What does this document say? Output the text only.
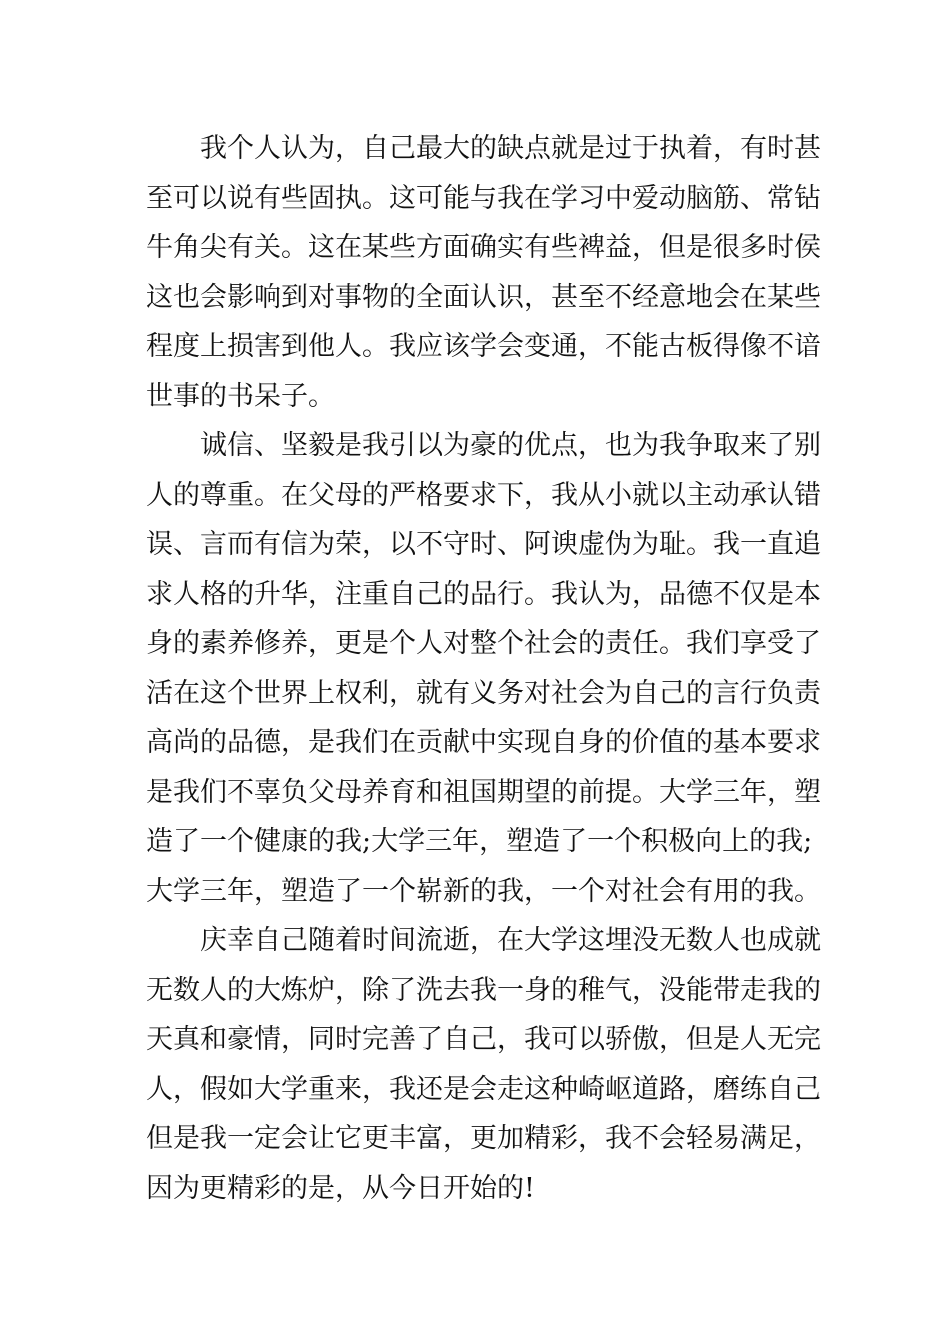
我个人认为，自己最大的缺点就是过于执着，有时甚
至可以说有些固执。这可能与我在学习中爱动脑筋、常钻
牛角尖有关。这在某些方面确实有些裨益，但是很多时侯
这也会影响到对事物的全面认识，甚至不经意地会在某些
程度上损害到他人。我应该学会变通，不能古板得像不谙
世事的书呆子。
诚信、坚毅是我引以为豪的优点，也为我争取来了别
人的尊重。在父母的严格要求下，我从小就以主动承认错
误、言而有信为荣，以不守时、阿谀虚伪为耻。我一直追
求人格的升华，注重自己的品行。我认为，品德不仅是本
身的素养修养，更是个人对整个社会的责任。我们享受了
活在这个世界上权利，就有义务对社会为自己的言行负责
高尚的品德，是我们在贡献中实现自身的价值的基本要求
是我们不辜负父母养育和祖国期望的前提。大学三年，塑
造了一个健康的我;大学三年，塑造了一个积极向上的我;
大学三年，塑造了一个崭新的我，一个对社会有用的我。
庆幸自己随着时间流逝，在大学这埋没无数人也成就
无数人的大炼炉，除了洗去我一身的稚气，没能带走我的
天真和豪情，同时完善了自己，我可以骄傲，但是人无完
人，假如大学重来，我还是会走这种崎岖道路，磨练自己
但是我一定会让它更丰富，更加精彩，我不会轻易满足，
因为更精彩的是，从今日开始的!
